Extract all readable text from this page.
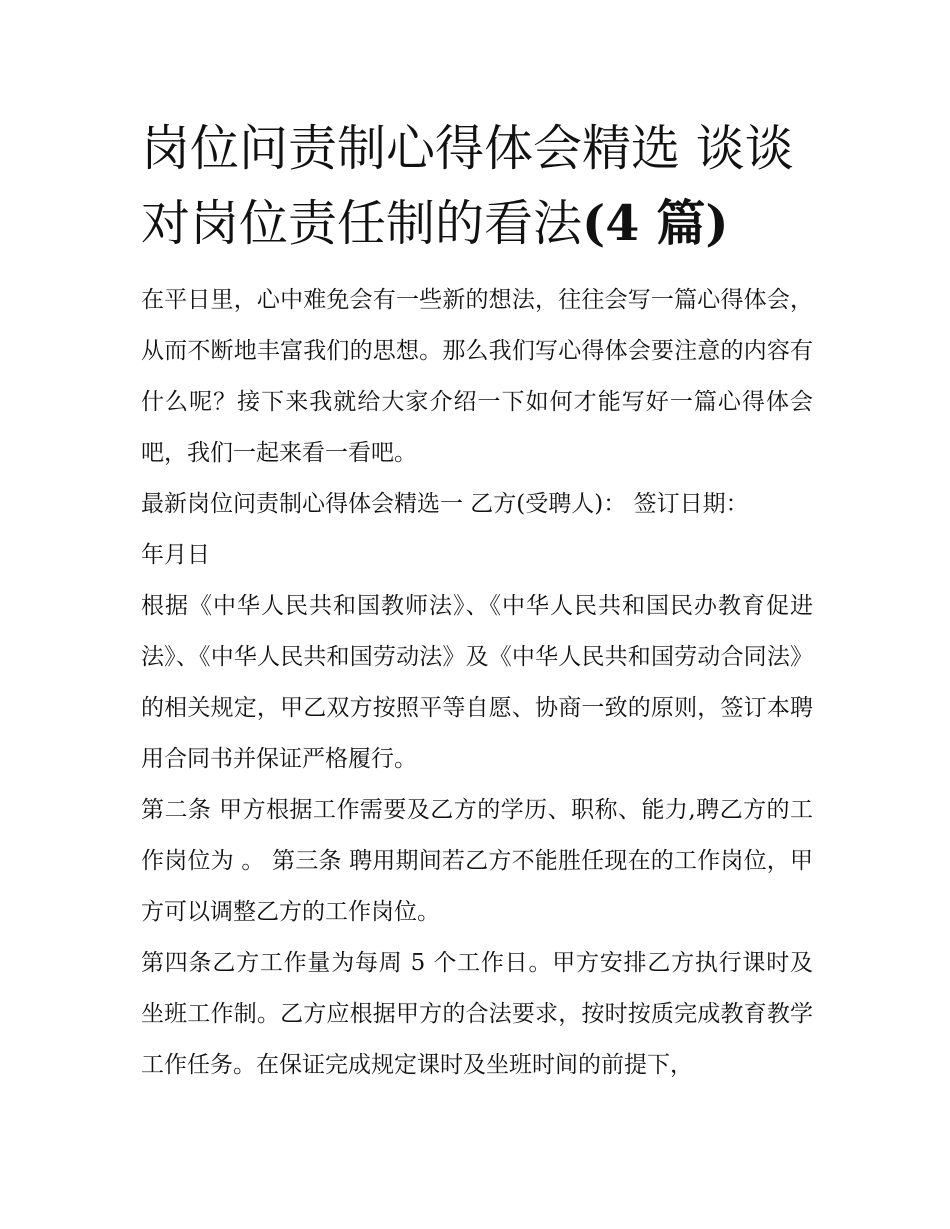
岗位问责制心得体会精选 谈谈对岗位责任制的看法(4 篇)

在平日里，心中难免会有一些新的想法，往往会写一篇心得体会，从而不断地丰富我们的思想。那么我们写心得体会要注意的内容有什么呢？接下来我就给大家介绍一下如何才能写好一篇心得体会吧，我们一起来看一看吧。

最新岗位问责制心得体会精选一 乙方(受聘人)： 签订日期：

年月日

根据《中华人民共和国教师法》、《中华人民共和国民办教育促进法》、《中华人民共和国劳动法》及《中华人民共和国劳动合同法》的相关规定，甲乙双方按照平等自愿、协商一致的原则，签订本聘用合同书并保证严格履行。

第二条 甲方根据工作需要及乙方的学历、职称、能力,聘乙方的工作岗位为 。 第三条 聘用期间若乙方不能胜任现在的工作岗位，甲方可以调整乙方的工作岗位。

第四条乙方工作量为每周 5 个工作日。甲方安排乙方执行课时及坐班工作制。乙方应根据甲方的合法要求，按时按质完成教育教学工作任务。在保证完成规定课时及坐班时间的前提下，
